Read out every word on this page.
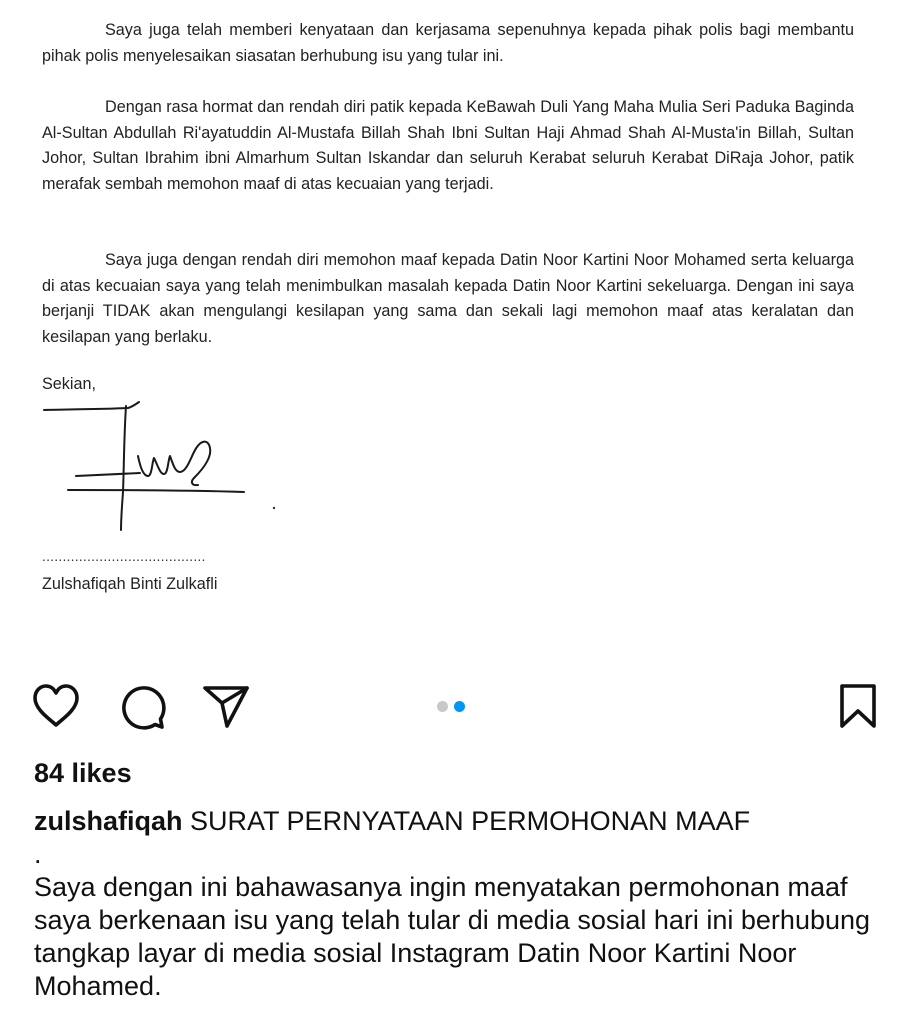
Saya juga telah memberi kenyataan dan kerjasama sepenuhnya kepada pihak polis bagi membantu pihak polis menyelesaikan siasatan berhubung isu yang tular ini.

Dengan rasa hormat dan rendah diri patik kepada KeBawah Duli Yang Maha Mulia Seri Paduka Baginda Al-Sultan Abdullah Ri'ayatuddin Al-Mustafa Billah Shah Ibni Sultan Haji Ahmad Shah Al-Musta'in Billah, Sultan Johor, Sultan Ibrahim ibni Almarhum Sultan Iskandar dan seluruh Kerabat seluruh Kerabat DiRaja Johor, patik merafak sembah memohon maaf di atas kecuaian yang terjadi.

Saya juga dengan rendah diri memohon maaf kepada Datin Noor Kartini Noor Mohamed serta keluarga di atas kecuaian saya yang telah menimbulkan masalah kepada Datin Noor Kartini sekeluarga. Dengan ini saya berjanji TIDAK akan mengulangi kesilapan yang sama dan sekali lagi memohon maaf atas keralatan dan kesilapan yang berlaku.

Sekian,

........................................

Zulshafiqah Binti Zulkafli

84 likes

zulshafiqah SURAT PERNYATAAN PERMOHONAN MAAF
.
Saya dengan ini bahawasanya ingin menyatakan permohonan maaf saya berkenaan isu yang telah tular di media sosial hari ini berhubung tangkap layar di media sosial Instagram Datin Noor Kartini Noor Mohamed.
